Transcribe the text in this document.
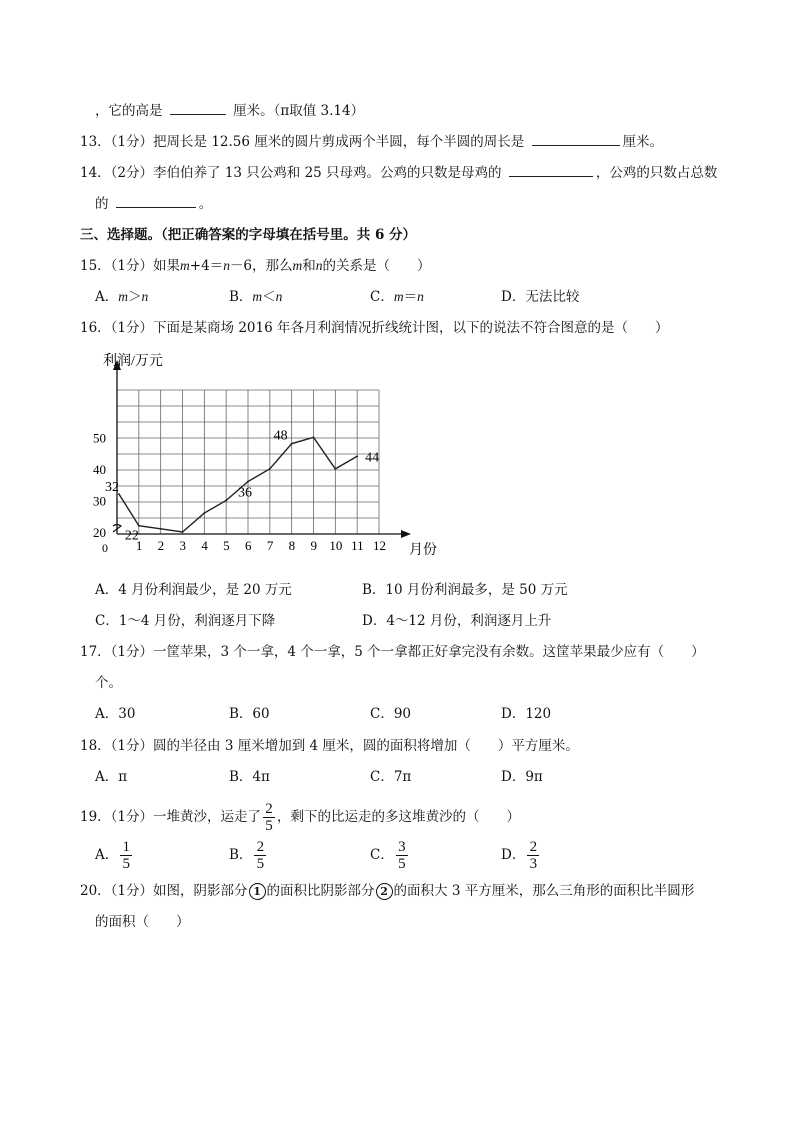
，它的高是	厘米。（π取值 3.14）
13．（1分）把周长是 12.56 厘米的圆片剪成两个半圆，每个半圆的周长是	厘米。
14．（2分）李伯伯养了 13 只公鸡和 25 只母鸡。公鸡的只数是母鸡的	，公鸡的只数占总数
的	。
三、选择题。（把正确答案的字母填在括号里。共 6 分）
15．（1分）如果m+4＝n－6，那么m和n的关系是（　　）
A．m＞n	B．m＜n	C．m＝n	D．无法比较
16．（1分）下面是某商场 2016 年各月利润情况折线统计图，以下的说法不符合图意的是（　　）
1 2 3 4 5 6 7 8 9 10 11 12
50
40
30
20
32
22
36
48
44
利润/万元
月份
0
A．4 月份利润最少，是 20 万元	B．10 月份利润最多，是 50 万元
C．1～4 月份，利润逐月下降	D．4～12 月份，利润逐月上升
17．（1分）一筐苹果，3 个一拿，4 个一拿，5 个一拿都正好拿完没有余数。这筐苹果最少应有（　　）
个。
A．30	B．60	C．90	D．120
18．（1分）圆的半径由 3 厘米增加到 4 厘米，圆的面积将增加（　　）平方厘米。
A．π	B．4π	C．7π	D．9π
19．（1分）一堆黄沙，运走了 $\frac{2}{5}$ ，剩下的比运走的多这堆黄沙的（　　）
A． $\frac{1}{5}$	B． $\frac{2}{5}$	C． $\frac{3}{5}$	D． $\frac{2}{3}$
20．（1分）如图，阴影部分 1 的面积比阴影部分 2 的面积大 3 平方厘米，那么三角形的面积比半圆形
的面积（　　）
